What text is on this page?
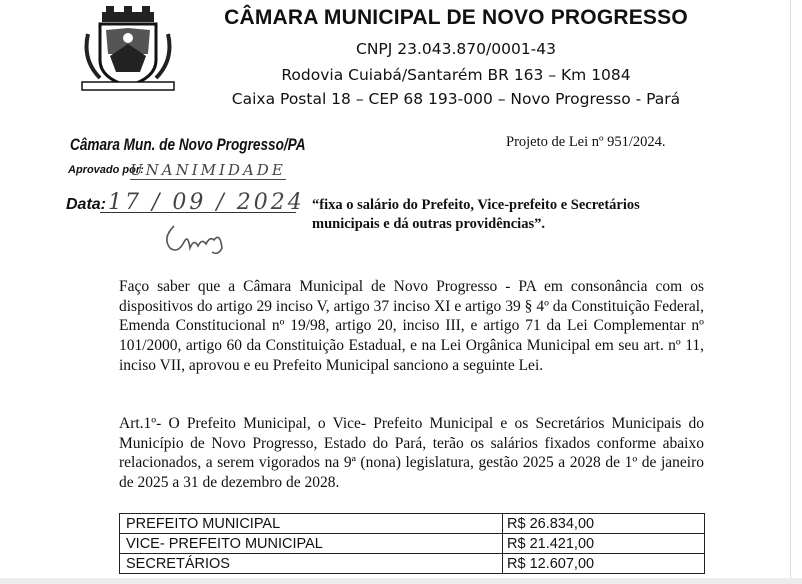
CÂMARA MUNICIPAL DE NOVO PROGRESSO
CNPJ 23.043.870/0001-43
Rodovia Cuiabá/Santarém BR 163 – Km 1084
Caixa Postal 18 – CEP 68 193-000 – Novo Progresso - Pará
Câmara Mun. de Novo Progresso/PA
Aprovado por:
UNANIMIDADE
Data: 17 / 09 / 2024
Projeto de Lei nº 951/2024.
“fixa o salário do Prefeito, Vice-prefeito e Secretários municipais e dá outras providências”.

Faço saber que a Câmara Municipal de Novo Progresso - PA em consonância com os dispositivos do artigo 29 inciso V, artigo 37 inciso XI e artigo 39 § 4º da Constituição Federal, Emenda Constitucional nº 19/98, artigo 20, inciso III, e artigo 71 da Lei Complementar nº 101/2000, artigo 60 da Constituição Estadual, e na Lei Orgânica Municipal em seu art. nº 11, inciso VII, aprovou e eu Prefeito Municipal sanciono a seguinte Lei.

Art.1º- O Prefeito Municipal, o Vice- Prefeito Municipal e os Secretários Municipais do Município de Novo Progresso, Estado do Pará, terão os salários fixados conforme abaixo relacionados, a serem vigorados na 9ª (nona) legislatura, gestão 2025 a 2028 de 1º de janeiro de 2025 a 31 de dezembro de 2028.

PREFEITO MUNICIPAL	R$ 26.834,00
VICE- PREFEITO MUNICIPAL	R$ 21.421,00
SECRETÁRIOS	R$ 12.607,00
